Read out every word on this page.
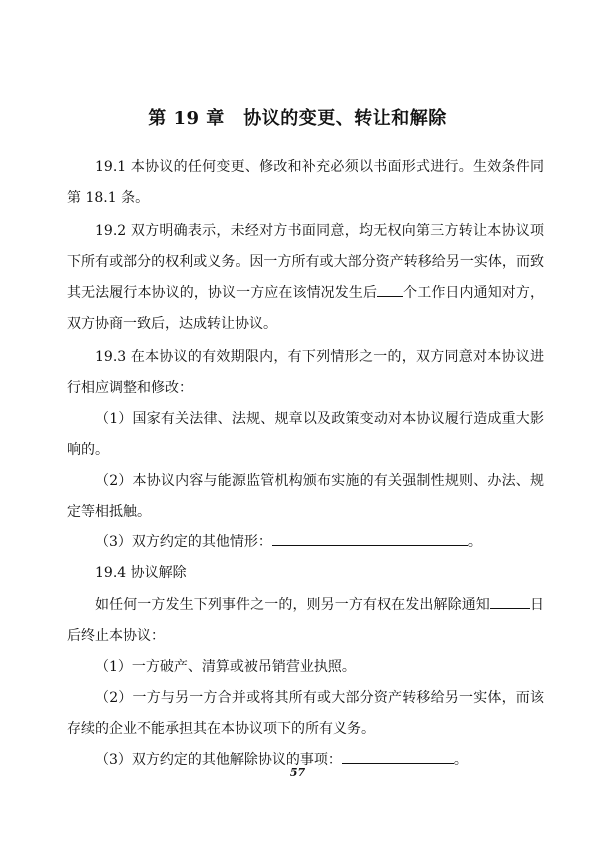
第 19 章　协议的变更、转让和解除
19.1 本协议的任何变更、修改和补充必须以书面形式进行。生效条件同第 18.1 条。
19.2 双方明确表示，未经对方书面同意，均无权向第三方转让本协议项下所有或部分的权利或义务。因一方所有或大部分资产转移给另一实体，而致其无法履行本协议的，协议一方应在该情况发生后 个工作日内通知对方，双方协商一致后，达成转让协议。
19.3 在本协议的有效期限内，有下列情形之一的，双方同意对本协议进行相应调整和修改：
（1）国家有关法律、法规、规章以及政策变动对本协议履行造成重大影响的。
（2）本协议内容与能源监管机构颁布实施的有关强制性规则、办法、规定等相抵触。
（3）双方约定的其他情形：	。
19.4 协议解除
如任何一方发生下列事件之一的，则另一方有权在发出解除通知	日后终止本协议：
（1）一方破产、清算或被吊销营业执照。
（2）一方与另一方合并或将其所有或大部分资产转移给另一实体，而该存续的企业不能承担其在本协议项下的所有义务。
（3）双方约定的其他解除协议的事项：	。
57
